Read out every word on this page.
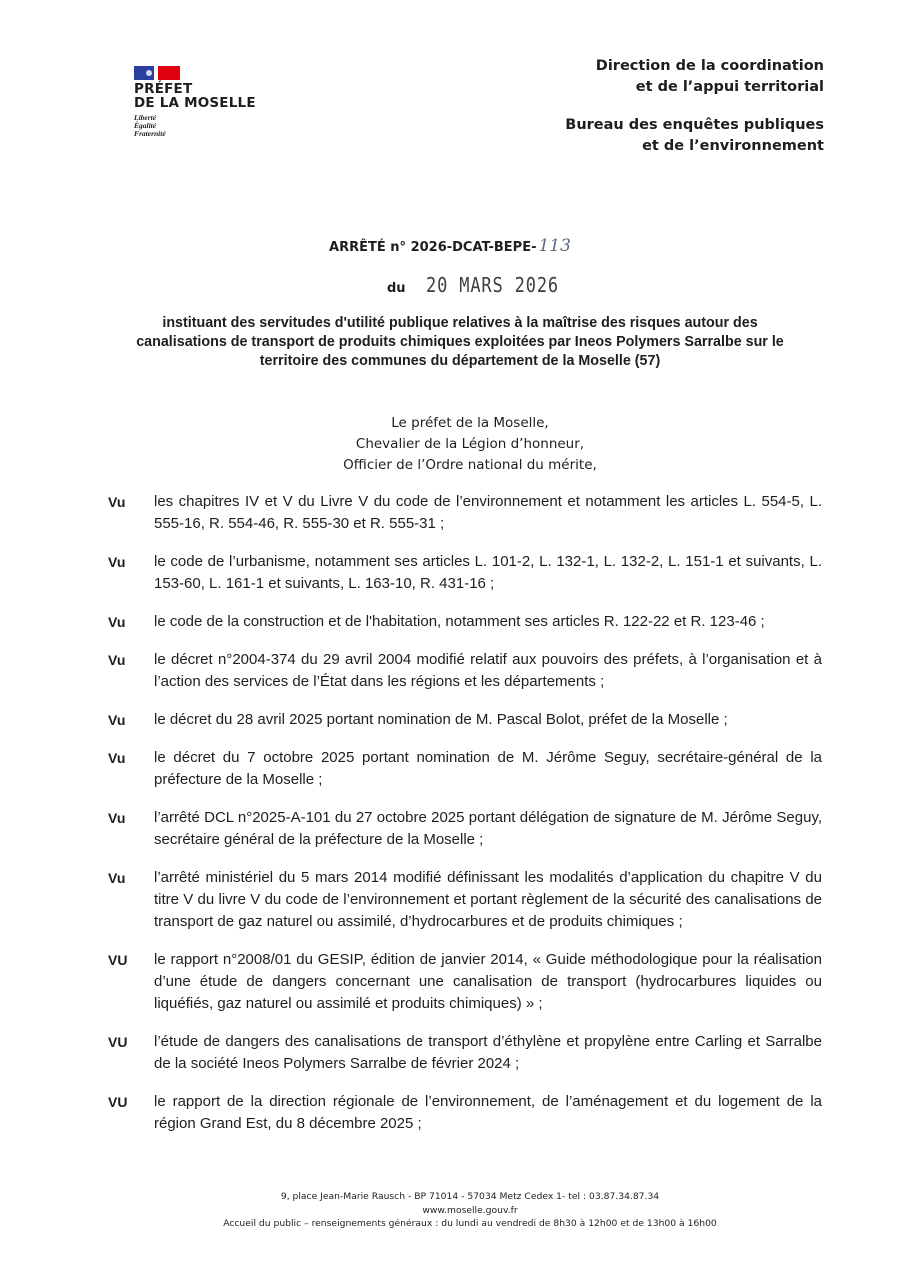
PRÉFET
DE LA MOSELLE
Liberté
Égalité
Fraternité
Direction de la coordination
et de l’appui territorial
Bureau des enquêtes publiques
et de l’environnement
ARRÊTÉ n° 2026-DCAT-BEPE- 113
du 20 MARS 2026
instituant des servitudes d'utilité publique relatives à la maîtrise des risques autour des
canalisations de transport de produits chimiques exploitées par Ineos Polymers Sarralbe sur le
territoire des communes du département de la Moselle (57)
Le préfet de la Moselle,
Chevalier de la Légion d’honneur,
Officier de l’Ordre national du mérite,
Vu	les chapitres IV et V du Livre V du code de l’environnement et notamment les articles L. 554-5, L. 555-16, R. 554-46, R. 555-30 et R. 555-31 ;
Vu	le code de l’urbanisme, notamment ses articles L. 101-2, L. 132-1, L. 132-2, L. 151-1 et suivants, L. 153-60, L. 161-1 et suivants, L. 163-10, R. 431-16 ;
Vu	le code de la construction et de l'habitation, notamment ses articles R. 122-22 et R. 123-46 ;
Vu	le décret n°2004-374 du 29 avril 2004 modifié relatif aux pouvoirs des préfets, à l’organisation et à l’action des services de l’État dans les régions et les départements ;
Vu	le décret du 28 avril 2025 portant nomination de M. Pascal Bolot, préfet de la Moselle ;
Vu	le décret du 7 octobre 2025 portant nomination de M. Jérôme Seguy, secrétaire-général de la préfecture de la Moselle ;
Vu	l’arrêté DCL n°2025-A-101 du 27 octobre 2025 portant délégation de signature de M. Jérôme Seguy, secrétaire général de la préfecture de la Moselle ;
Vu	l’arrêté ministériel du 5 mars 2014 modifié définissant les modalités d’application du chapitre V du titre V du livre V du code de l’environnement et portant règlement de la sécurité des canalisations de transport de gaz naturel ou assimilé, d’hydrocarbures et de produits chimiques ;
VU	le rapport n°2008/01 du GESIP, édition de janvier 2014, « Guide méthodologique pour la réalisation d’une étude de dangers concernant une canalisation de transport (hydrocarbures liquides ou liquéfiés, gaz naturel ou assimilé et produits chimiques) » ;
VU	l’étude de dangers des canalisations de transport d’éthylène et propylène entre Carling et Sarralbe de la société Ineos Polymers Sarralbe de février 2024 ;
VU	le rapport de la direction régionale de l’environnement, de l’aménagement et du logement de la région Grand Est, du 8 décembre 2025 ;
9, place Jean-Marie Rausch - BP 71014 - 57034 Metz Cedex 1- tel : 03.87.34.87.34
www.moselle.gouv.fr
Accueil du public – renseignements généraux : du lundi au vendredi de 8h30 à 12h00 et de 13h00 à 16h00
